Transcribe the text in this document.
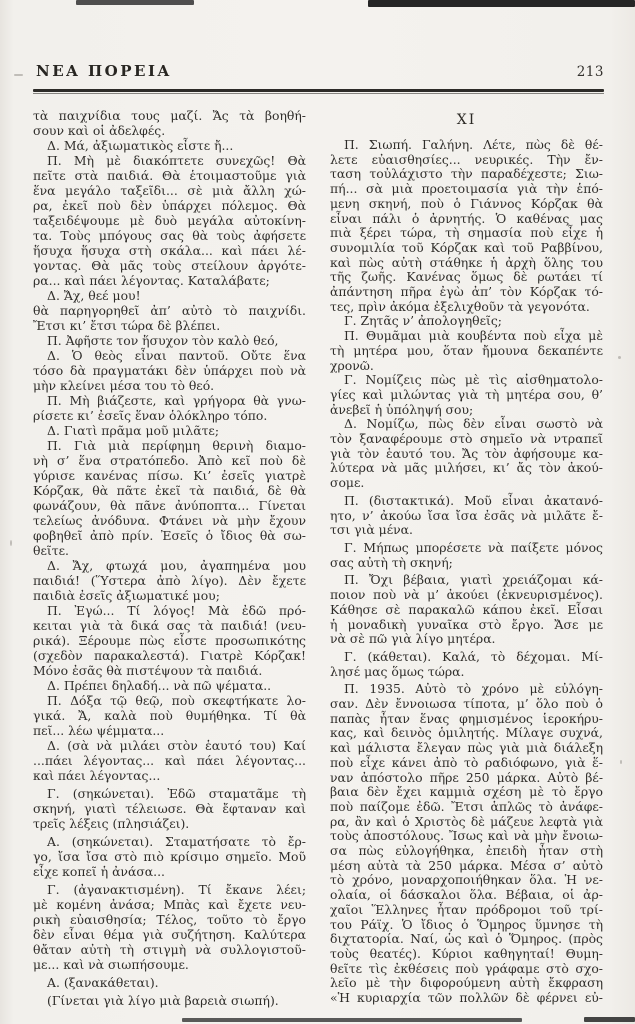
ΝΕΑ ΠΟΡΕΙΑ	213
τὰ παιχνίδια τους μαζί. Ἄς τὰ βοηθή-
σουν καὶ οἱ ἀδελφές.
Δ. Μά, ἀξιωματικὸς εἶστε ἤ...
Π. Μὴ μὲ διακόπτετε συνεχῶς! Θὰ
πεῖτε στὰ παιδιά. Θὰ ἑτοιμαστοῦμε γιὰ
ἕνα μεγάλο ταξεῖδι... σὲ μιὰ ἄλλη χώ-
ρα, ἐκεῖ ποὺ δὲν ὑπάρχει πόλεμος. Θὰ
ταξειδέψουμε μὲ δυὸ μεγάλα αὐτοκίνη-
τα. Τοὺς μπόγους σας θὰ τοὺς ἀφήσετε
ἥσυχα ἥσυχα στὴ σκάλα... καὶ πάει λέ-
γοντας. Θὰ μᾶς τοὺς στείλουν ἀργότε-
ρα... καὶ πάει λέγοντας. Καταλάβατε;
Δ. Ἄχ, θεέ μου!
θὰ παρηγορηθεῖ ἀπ’ αὐτὸ τὸ παιχνίδι.
Ἔτσι κι’ ἔτσι τώρα δὲ βλέπει.
Π. Ἀφῆστε τον ἥσυχον τὸν καλὸ θεό,
Δ. Ὁ θεὸς εἶναι παντοῦ. Οὔτε ἕνα
τόσο δὰ πραγματάκι δὲν ὑπάρχει ποὺ νὰ
μὴν κλείνει μέσα του τὸ θεό.
Π. Μὴ βιάζεστε, καὶ γρήγορα θὰ γνω-
ρίσετε κι’ ἐσεῖς ἕναν ὁλόκληρο τόπο.
Δ. Γιατὶ πρᾶμα μοῦ μιλᾶτε;
Π. Γιὰ μιὰ περίφημη θερινὴ διαμο-
νὴ σ’ ἕνα στρατόπεδο. Ἀπὸ κεῖ ποὺ δὲ
γύρισε κανένας πίσω. Κι’ ἐσεῖς γιατρὲ
Κόρζακ, θὰ πᾶτε ἐκεῖ τὰ παιδιά, δὲ θὰ
φωνάζουν, θὰ πᾶνε ἀνύποπτα... Γίνεται
τελείως ἀνόδυνα. Φτάνει νὰ μὴν ἔχουν
φοβηθεῖ ἀπὸ πρίν. Ἐσεῖς ὁ ἴδιος θὰ σω-
θεῖτε.
Δ. Ἄχ, φτωχά μου, ἀγαπημένα μου
παιδιά! (Ὕστερα ἀπὸ λίγο). Δὲν ἔχετε
παιδιὰ ἐσεῖς ἀξιωματικέ μου;
Π. Ἐγώ... Τί λόγος! Μὰ ἐδῶ πρό-
κειται γιὰ τὰ δικά σας τὰ παιδιά! (νευ-
ρικά). Ξέρουμε πὼς εἶστε προσωπικότης
(σχεδὸν παρακαλεστά). Γιατρὲ Κόρζακ!
Μόνο ἐσᾶς θὰ πιστέψουν τὰ παιδιά.
Δ. Πρέπει δηλαδή... νὰ πῶ ψέματα..
Π. Δόξα τῷ θεῷ, ποὺ σκεφτήκατε λο-
γικά. Ἄ, καλὰ ποὺ θυμήθηκα. Τί θὰ
πεῖ... λέω ψέμματα...
Δ. (σὰ νὰ μιλάει στὸν ἑαυτό του) Καί
...πάει λέγοντας... καὶ πάει λέγοντας...
καὶ πάει λέγοντας...
Γ. (σηκώνεται). Ἐδῶ σταματᾶμε τὴ
σκηνή, γιατὶ τέλειωσε. Θὰ ἔφταναν καὶ
τρεῖς λέξεις (πλησιάζει).
Α. (σηκώνεται). Σταματήσατε τὸ ἔρ-
γο, ἴσα ἴσα στὸ πιὸ κρίσιμο σημεῖο. Μοῦ
εἶχε κοπεῖ ἡ ἀνάσα...
Γ. (ἀγανακτισμένη). Τί ἔκανε λέει;
μὲ κομένη ἀνάσα; Μπὰς καὶ ἔχετε νευ-
ρικὴ εὐαισθησία; Τέλος, τοῦτο τὸ ἔργο
δὲν εἶναι θέμα γιὰ συζήτηση. Καλύτερα
θἄταν αὐτὴ τὴ στιγμὴ νὰ συλλογιστοῦ-
με... καὶ νὰ σιωπήσουμε.
Α. (ξανακάθεται).
(Γίνεται γιὰ λίγο μιὰ βαρειὰ σιωπή).
XI
Π. Σιωπή. Γαλήνη. Λέτε, πὼς δὲ θέ-
λετε εὐαισθησίες... νευρικές. Τὴν ἔν-
ταση τοὐλάχιστο τὴν παραδέχεστε; Σιω-
πή... σὰ μιὰ προετοιμασία γιὰ τὴν ἑπό-
μενη σκηνή, ποὺ ὁ Γιάννος Κόρζακ θὰ
εἶναι πάλι ὁ ἀρνητής. Ὁ καθένας μας
πιὰ ξέρει τώρα, τὴ σημασία ποὺ εἶχε ἡ
συνομιλία τοῦ Κόρζακ καὶ τοῦ Ραββίνου,
καὶ πὼς αὐτὴ στάθηκε ἡ ἀρχὴ ὅλης του
τῆς ζωῆς. Κανένας ὅμως δὲ ρωτάει τί
ἀπάντηση πῆρα ἐγὼ ἀπ’ τὸν Κόρζακ τό-
τες, πρὶν ἀκόμα ἐξελιχθοῦν τὰ γεγονότα.
Γ. Ζητᾶς ν’ ἀπολογηθεῖς;
Π. Θυμᾶμαι μιὰ κουβέντα ποὺ εἶχα μὲ
τὴ μητέρα μου, ὅταν ἤμουνα δεκαπέντε
χρονῶ.
Γ. Νομίζεις πὼς μὲ τὶς αἰσθηματολο-
γίες καὶ μιλώντας γιὰ τὴ μητέρα σου, θ’
ἀνεβεῖ ἡ ὑπόληψή σου;
Δ. Νομίζω, πὼς δὲν εἶναι σωστὸ νὰ
τὸν ξαναφέρουμε στὸ σημεῖο νὰ ντραπεῖ
γιὰ τὸν ἑαυτό του. Ἄς τὸν ἀφήσουμε κα-
λύτερα νὰ μᾶς μιλήσει, κι’ ἄς τὸν ἀκού-
σομε.
Π. (διστακτικά). Μοῦ εἶναι ἀκατανό-
ητο, ν’ ἀκούω ἴσα ἴσα ἐσᾶς νὰ μιλᾶτε ἔ-
τσι γιὰ μένα.
Γ. Μήπως μπορέσετε νὰ παίξετε μόνος
σας αὐτὴ τὴ σκηνή;
Π. Ὄχι βέβαια, γιατὶ χρειάζομαι κά-
ποιον ποὺ νὰ μ’ ἀκούει (ἐκνευρισμένος).
Κάθησε σὲ παρακαλῶ κάπου ἐκεῖ. Εἶσαι
ἡ μοναδικὴ γυναῖκα στὸ ἔργο. Ἄσε με
νὰ σὲ πῶ γιὰ λίγο μητέρα.
Γ. (κάθεται). Καλά, τὸ δέχομαι. Μί-
λησέ μας ὅμως τώρα.
Π. 1935. Αὐτὸ τὸ χρόνο μὲ εὐλόγη-
σαν. Δὲν ἔννοιωσα τίποτα, μ’ ὅλο ποὺ ὁ
παπὰς ἦταν ἕνας φημισμένος ἱεροκήρυ-
κας, καὶ δεινὸς ὁμιλητής. Μίλαγε συχνά,
καὶ μάλιστα ἔλεγαν πὼς γιὰ μιὰ διάλεξη
ποὺ εἶχε κάνει ἀπὸ τὸ ραδιόφωνο, γιὰ ἕ-
ναν ἀπόστολο πῆρε 250 μάρκα. Αὐτὸ βέ-
βαια δὲν ἔχει καμμιὰ σχέση μὲ τὸ ἔργο
ποὺ παίζομε ἐδῶ. Ἔτσι ἁπλῶς τὸ ἀνάφε-
ρα, ἂν καὶ ὁ Χριστὸς δὲ μάζευε λεφτὰ γιὰ
τοὺς ἀποστόλους. Ἴσως καὶ νὰ μὴν ἔνοιω-
σα πὼς εὐλογήθηκα, ἐπειδὴ ἦταν στὴ
μέση αὐτὰ τὰ 250 μάρκα. Μέσα σ’ αὐτὸ
τὸ χρόνο, μοναρχοποιήθηκαν ὅλα. Ἡ νε-
ολαία, οἱ δάσκαλοι ὅλα. Βέβαια, οἱ ἀρ-
χαῖοι Ἕλληνες ἦταν πρόδρομοι τοῦ τρί-
του Ράϊχ. Ὁ ἴδιος ὁ Ὅμηρος ὕμνησε τὴ
διχτατορία. Ναί, ὡς καὶ ὁ Ὅμηρος. (πρὸς
τοὺς θεατές). Κύριοι καθηγηταί! Θυμη-
θεῖτε τὶς ἐκθέσεις ποὺ γράφαμε στὸ σχο-
λεῖο μὲ τὴν διφορούμενη αὐτὴ ἔκφραση
«Ἡ κυριαρχία τῶν πολλῶν δὲ φέρνει εὐ-
